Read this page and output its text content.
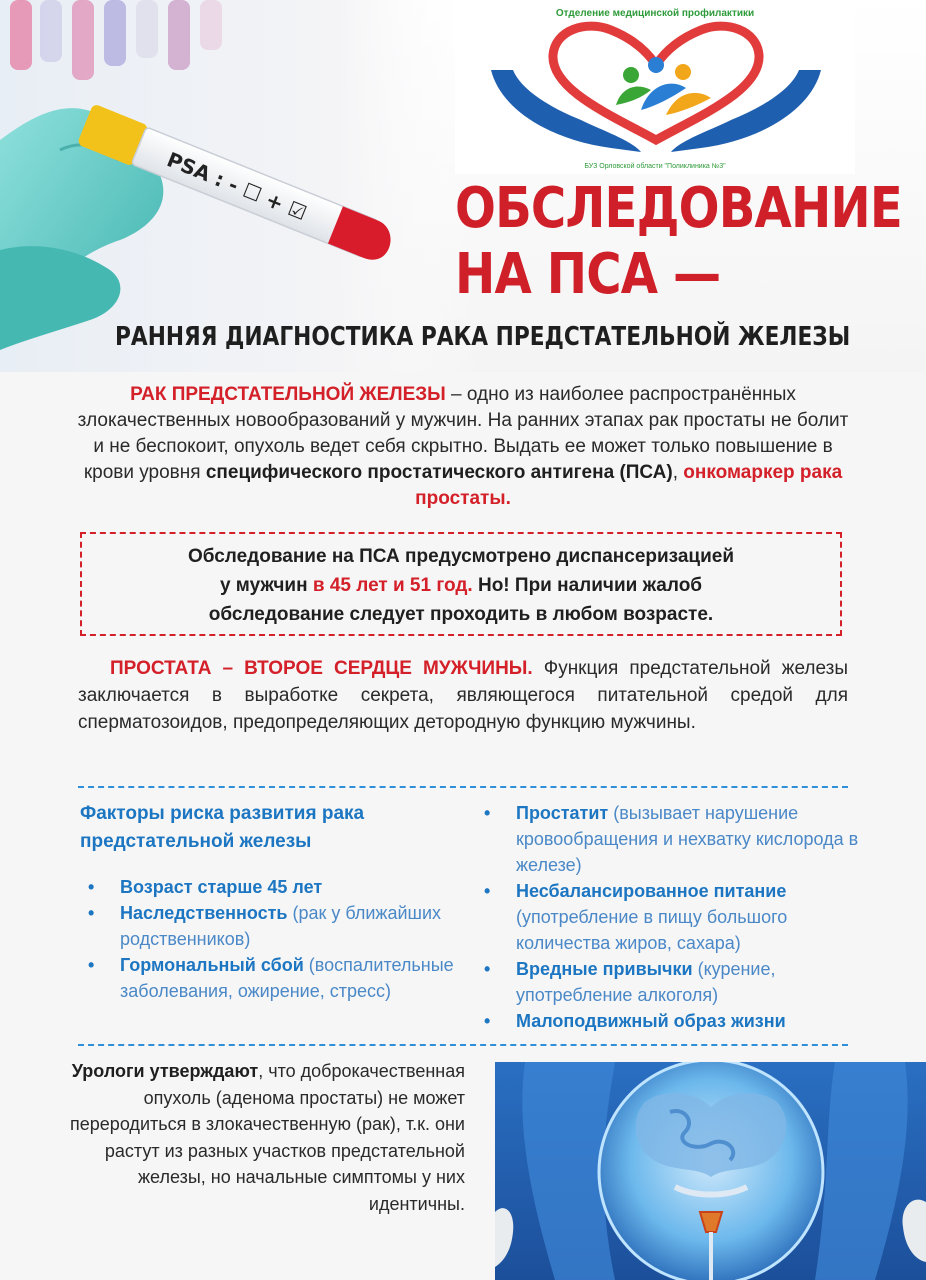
PSA : - ☐ + ☑
Отделение медицинской профилактики
БУЗ Орловской области "Поликлиника №3"
ОБСЛЕДОВАНИЕ
НА ПСА —
РАННЯЯ ДИАГНОСТИКА РАКА ПРЕДСТАТЕЛЬНОЙ ЖЕЛЕЗЫ

РАК ПРЕДСТАТЕЛЬНОЙ ЖЕЛЕЗЫ – одно из наиболее распространённых злокачественных новообразований у мужчин. На ранних этапах рак простаты не болит и не беспокоит, опухоль ведет себя скрытно. Выдать ее может только повышение в крови уровня специфического простатического антигена (ПСА), онкомаркер рака простаты.

Обследование на ПСА предусмотрено диспансеризацией
у мужчин в 45 лет и 51 год. Но! При наличии жалоб
обследование следует проходить в любом возрасте.

ПРОСТАТА – ВТОРОЕ СЕРДЦЕ МУЖЧИНЫ. Функция предстательной железы заключается в выработке секрета, являющегося питательной средой для сперматозоидов, предопределяющих детородную функцию мужчины.

Факторы риска развития рака предстательной железы
• Возраст старше 45 лет
• Наследственность (рак у ближайших родственников)
• Гормональный сбой (воспалительные заболевания, ожирение, стресс)
• Простатит (вызывает нарушение кровообращения и нехватку кислорода в железе)
• Несбалансированное питание (употребление в пищу большого количества жиров, сахара)
• Вредные привычки (курение, употребление алкоголя)
• Малоподвижный образ жизни

Урологи утверждают, что доброкачественная опухоль (аденома простаты) не может переродиться в злокачественную (рак), т.к. они растут из разных участков предстательной железы, но начальные симптомы у них идентичны.
